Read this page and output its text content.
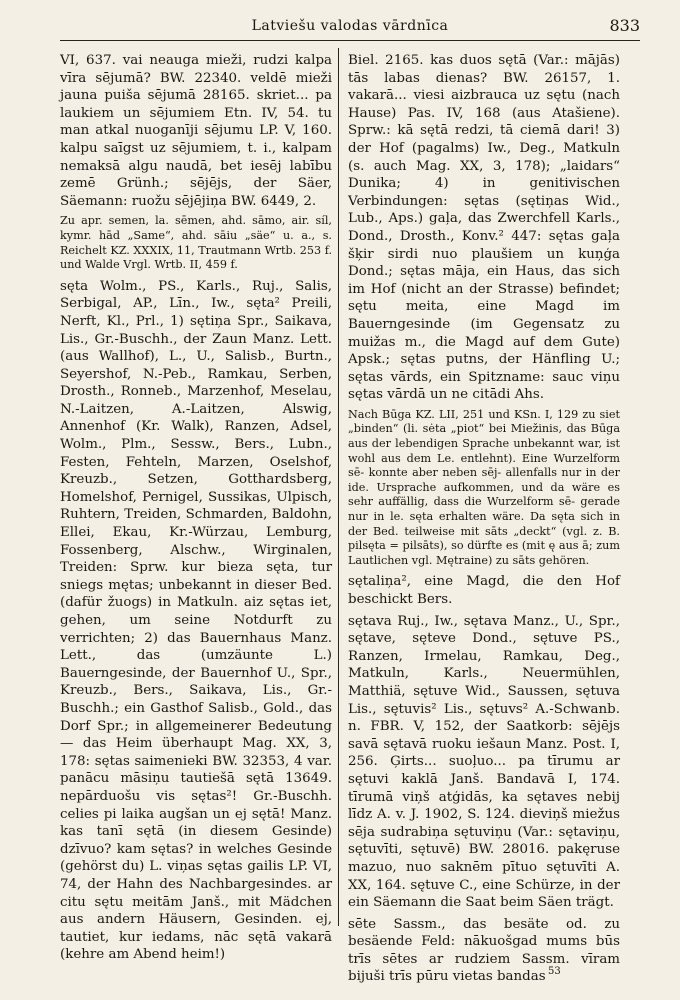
Latviešu valodas vārdnīca	833

VI, 637. vai neauga mieži, rudzi kalpa vīra sējumā? BW. 22340. veldē mieži jauna puiša sējumā 28165. skriet... pa laukiem un sējumiem Etn. IV, 54. tu man atkal nuoganīji sējumu LP. V, 160. kalpu saīgst uz sējumiem, t. i., kalpam nemaksā algu naudā, bet iesēj labību zemē Grünh.; sējējs, der Säer, Säemann: ruožu sējējiņa BW. 6449, 2.

Zu apr. semen, la. sēmen, ahd. sāmo, air. síl, kymr. hād „Same“, ahd. sāiu „säe“ u. a., s. Reichelt KZ. XXXIX, 11, Trautmann Wrtb. 253 f. und Walde Vrgl. Wrtb. II, 459 f.

sęta Wolm., PS., Karls., Ruj., Salis, Serbigal, AP., Līn., Iw., sęta² Preili, Nerft, Kl., Prl., 1) sętiņa Spr., Saikava, Lis., Gr.-Buschh., der Zaun Manz. Lett. (aus Wallhof), L., U., Salisb., Burtn., Seyershof, N.-Peb., Ramkau, Serben, Drosth., Ronneb., Marzenhof, Meselau, N.-Laitzen, A.-Laitzen, Alswig, Annenhof (Kr. Walk), Ranzen, Adsel, Wolm., Plm., Sessw., Bers., Lubn., Festen, Fehteln, Marzen, Oselshof, Kreuzb., Setzen, Gotthardsberg, Homelshof, Pernigel, Sussikas, Ulpisch, Ruhtern, Treiden, Schmarden, Baldohn, Ellei, Ekau, Kr.-Würzau, Lemburg, Fossenberg, Alschw., Wirginalen, Treiden: Sprw. kur bieza sęta, tur sniegs mętas; unbekannt in dieser Bed. (dafür žuogs) in Matkuln. aiz sętas iet, gehen, um seine Notdurft zu verrichten; 2) das Bauernhaus Manz. Lett., das (umzäunte L.) Bauerngesinde, der Bauernhof U., Spr., Kreuzb., Bers., Saikava, Lis., Gr.-Buschh.; ein Gasthof Salisb., Gold., das Dorf Spr.; in allgemeinerer Bedeutung — das Heim überhaupt Mag. XX, 3, 178: sętas saimenieki BW. 32353, 4 var. panācu māsiņu tautiešā sętā 13649. nepārduošu vis sętas²! Gr.-Buschh. celies pi laika augšan un ej sętā! Manz. kas tanī sętā (in diesem Gesinde) dzīvuo? kam sętas? in welches Gesinde (gehörst du) L. viņas sętas gailis LP. VI, 74, der Hahn des Nachbargesindes. ar citu sętu meitām Janš., mit Mädchen aus andern Häusern, Gesinden. ej, tautiet, kur iedams, nāc sętā vakarā (kehre am Abend heim!)

Biel. 2165. kas duos sętā (Var.: mājās) tās labas dienas? BW. 26157, 1. vakarā... viesi aizbrauca uz sętu (nach Hause) Pas. IV, 168 (aus Atašiene). Sprw.: kā sętā redzi, tā ciemā dari! 3) der Hof (pagalms) Iw., Deg., Matkuln (s. auch Mag. XX, 3, 178); „laidars“ Dunika; 4) in genitivischen Verbindungen: sętas (sętiņas Wid., Lub., Aps.) gaļa, das Zwerchfell Karls., Dond., Drosth., Konv.² 447: sętas gaļa šķir sirdi nuo plaušiem un kuņģa Dond.; sętas māja, ein Haus, das sich im Hof (nicht an der Strasse) befindet; sętu meita, eine Magd im Bauerngesinde (im Gegensatz zu muižas m., die Magd auf dem Gute) Apsk.; sętas putns, der Hänfling U.; sętas vārds, ein Spitzname: sauc viņu sętas vārdā un ne citādi Ahs.

Nach Būga KZ. LII, 251 und KSn. I, 129 zu siet „binden“ (li. sėta „piot“ bei Miežinis, das Būga aus der lebendigen Sprache unbekannt war, ist wohl aus dem Le. entlehnt). Eine Wurzelform sē- konnte aber neben sēj- allenfalls nur in der ide. Ursprache aufkommen, und da wäre es sehr auffällig, dass die Wurzelform sē- gerade nur in le. sęta erhalten wäre. Da sęta sich in der Bed. teilweise mit sāts „deckt“ (vgl. z. B. pilsęta = pilsāts), so dürfte es (mit ę aus ā; zum Lautlichen vgl. Mętraine) zu sāts gehören.

sętaliņa², eine Magd, die den Hof beschickt Bers.

sętava Ruj., Iw., sętava Manz., U., Spr., sętave, sęteve Dond., sętuve PS., Ranzen, Irmelau, Ramkau, Deg., Matkuln, Karls., Neuermühlen, Matthiä, sętuve Wid., Saussen, sętuva Lis., sętuvis² Lis., sętuvs² A.-Schwanb. n. FBR. V, 152, der Saatkorb: sējējs savā sętavā ruoku iešaun Manz. Post. I, 256. Ģirts... suoļuo... pa tīrumu ar sętuvi kaklā Janš. Bandavā I, 174. tīrumā viņš atģidās, ka sętaves nebij līdz A. v. J. 1902, S. 124. dieviņš miežus sēja sudrabiņa sętuviņu (Var.: sętaviņu, sętuvīti, sętuvē) BW. 28016. pakęruse mazuo, nuo saknēm pītuo sętuvīti A. XX, 164. sętuve C., eine Schürze, in der ein Säemann die Saat beim Säen trägt.

sēte Sassm., das besäte od. zu besäende Feld: nākuošgad mums būs trīs sētes ar rudziem Sassm. vīram bijuši trīs pūru vietas bandas 53
